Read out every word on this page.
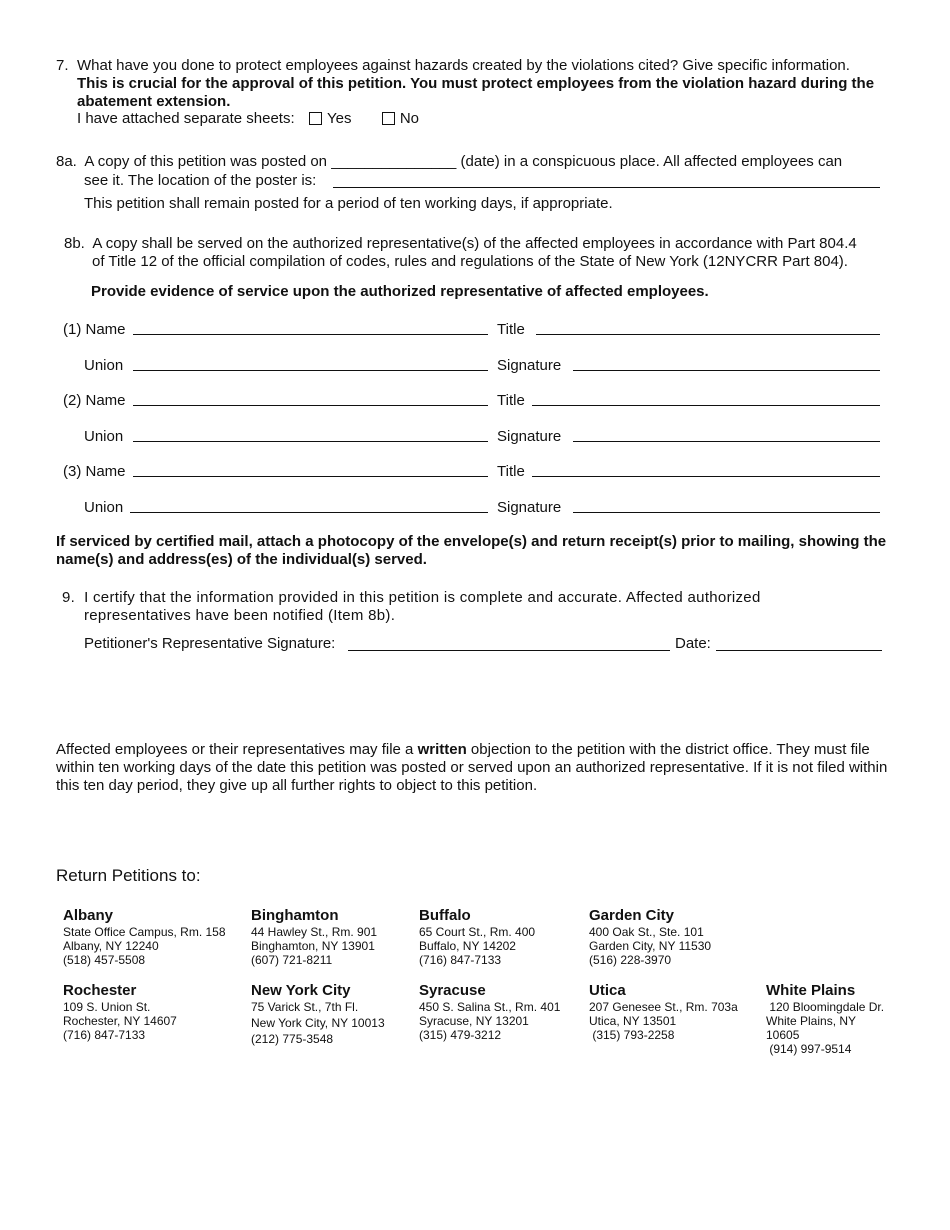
7. What have you done to protect employees against hazards created by the violations cited? Give specific information.
This is crucial for the approval of this petition. You must protect employees from the violation hazard during the abatement extension.
I have attached separate sheets: Yes	No
8a. A copy of this petition was posted on _______________ (date) in a conspicuous place. All affected employees can
see it. The location of the poster is:
This petition shall remain posted for a period of ten working days, if appropriate.
8b. A copy shall be served on the authorized representative(s) of the affected employees in accordance with Part 804.4
of Title 12 of the official compilation of codes, rules and regulations of the State of New York (12NYCRR Part 804).
Provide evidence of service upon the authorized representative of affected employees.
(1) Name	Title
Union	Signature
(2) Name	Title
Union	Signature
(3) Name	Title
Union	Signature
If serviced by certified mail, attach a photocopy of the envelope(s) and return receipt(s) prior to mailing, showing the name(s) and address(es) of the individual(s) served.
9. I certify that the information provided in this petition is complete and accurate. Affected authorized
representatives have been notified (Item 8b).
Petitioner's Representative Signature:	Date:
Affected employees or their representatives may file a written objection to the petition with the district office. They must file within ten working days of the date this petition was posted or served upon an authorized representative. If it is not filed within this ten day period, they give up all further rights to object to this petition.
Return Petitions to:
Albany
State Office Campus, Rm. 158
Albany, NY 12240
(518) 457-5508
Binghamton
44 Hawley St., Rm. 901
Binghamton, NY 13901
(607) 721-8211
Buffalo
65 Court St., Rm. 400
Buffalo, NY 14202
(716) 847-7133
Garden City
400 Oak St., Ste. 101
Garden City, NY 11530
(516) 228-3970
Rochester
109 S. Union St.
Rochester, NY 14607
(716) 847-7133
New York City
75 Varick St., 7th Fl.
New York City, NY 10013
(212) 775-3548
Syracuse
450 S. Salina St., Rm. 401
Syracuse, NY 13201
(315) 479-3212
Utica
207 Genesee St., Rm. 703a
Utica, NY 13501
(315) 793-2258
White Plains
120 Bloomingdale Dr.
White Plains, NY
10605
(914) 997-9514
